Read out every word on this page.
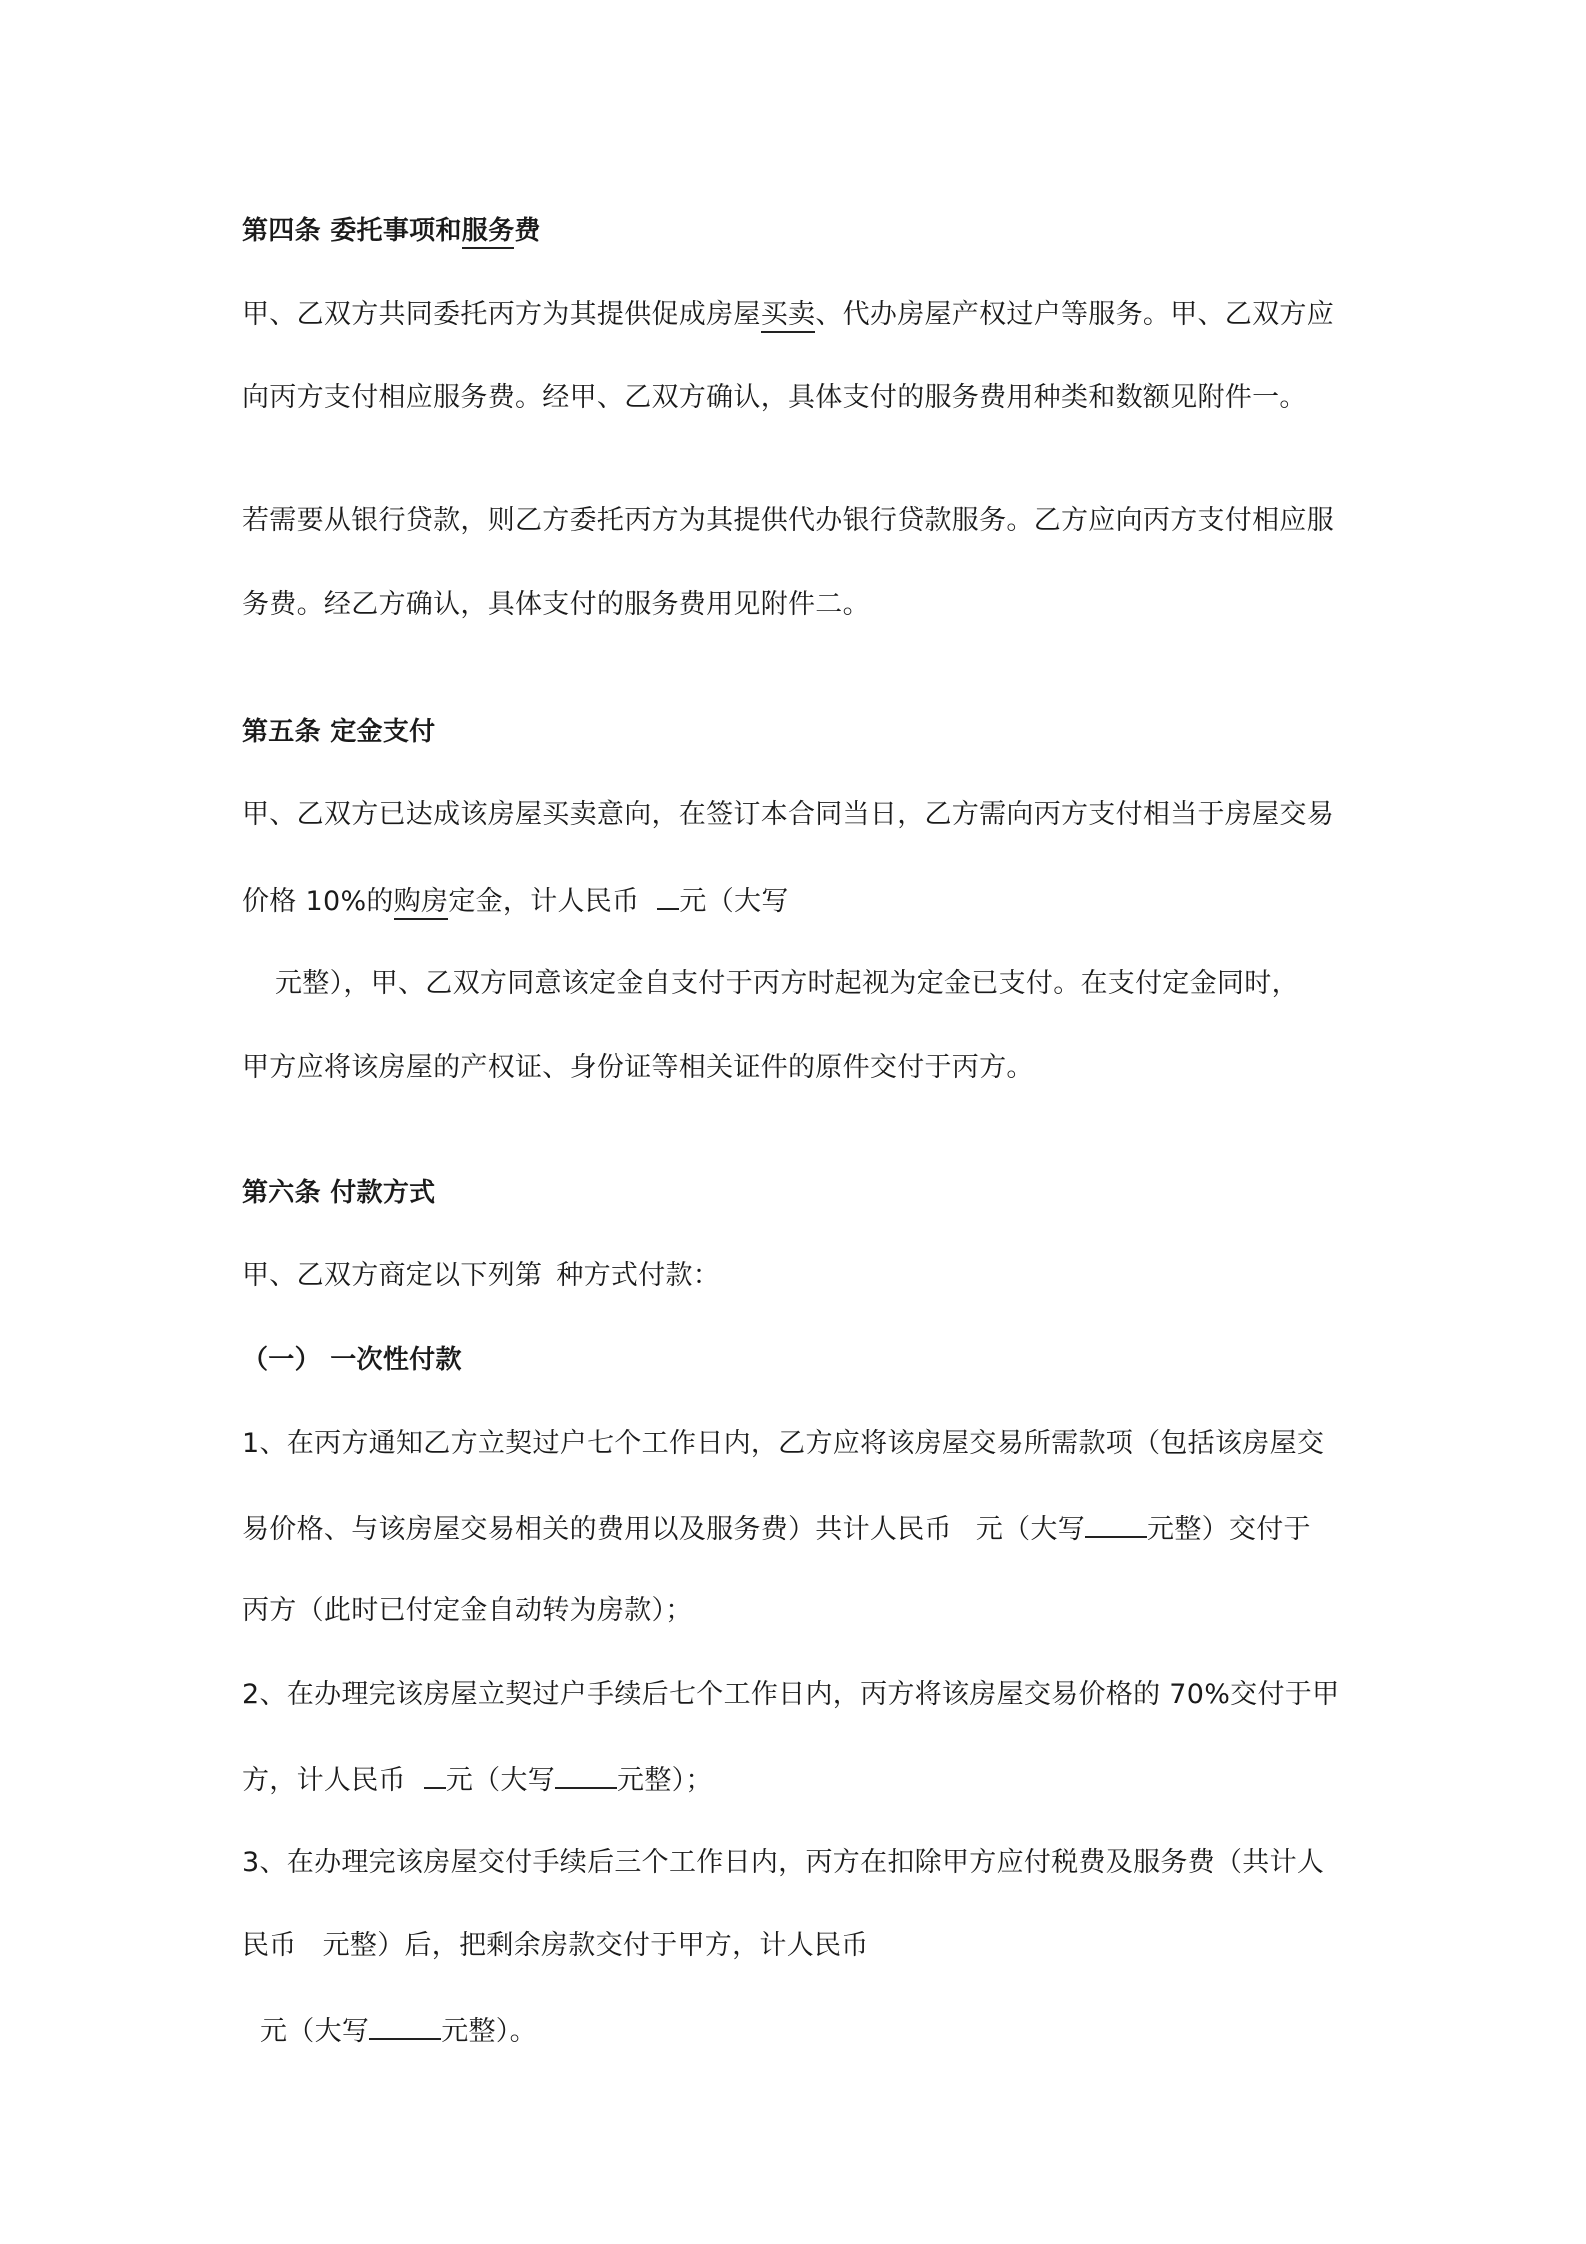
第四条 委托事项和服务费
甲、乙双方共同委托丙方为其提供促成房屋买卖、代办房屋产权过户等服务。甲、乙双方应
向丙方支付相应服务费。经甲、乙双方确认，具体支付的服务费用种类和数额见附件一。
若需要从银行贷款，则乙方委托丙方为其提供代办银行贷款服务。乙方应向丙方支付相应服
务费。经乙方确认，具体支付的服务费用见附件二。
第五条 定金支付
甲、乙双方已达成该房屋买卖意向，在签订本合同当日，乙方需向丙方支付相当于房屋交易
价格 10%的购房定金，计人民币 元（大写
元整），甲、乙双方同意该定金自支付于丙方时起视为定金已支付。在支付定金同时，
甲方应将该房屋的产权证、身份证等相关证件的原件交付于丙方。
第六条 付款方式
甲、乙双方商定以下列第 种方式付款：
（一） 一次性付款
1、在丙方通知乙方立契过户七个工作日内，乙方应将该房屋交易所需款项（包括该房屋交
易价格、与该房屋交易相关的费用以及服务费）共计人民币 元（大写 元整）交付于
丙方（此时已付定金自动转为房款）；
2、在办理完该房屋立契过户手续后七个工作日内，丙方将该房屋交易价格的 70%交付于甲
方，计人民币 元（大写 元整）；
3、在办理完该房屋交付手续后三个工作日内，丙方在扣除甲方应付税费及服务费（共计人
民币 元整）后，把剩余房款交付于甲方，计人民币
元（大写	元整）。
